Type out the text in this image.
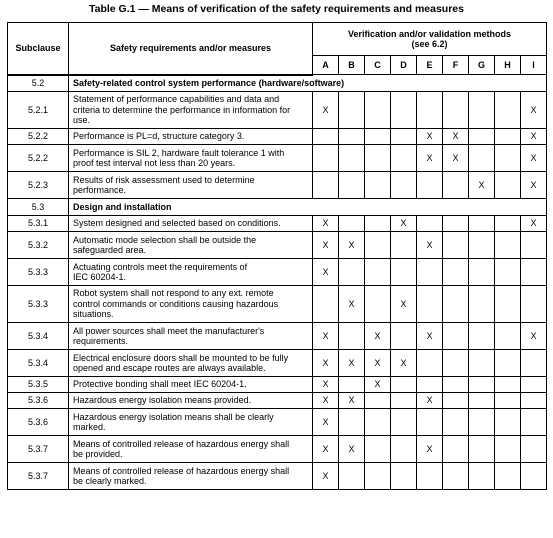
Table G.1 — Means of verification of the safety requirements and measures
Subclause	Safety requirements and/or measures	Verification and/or validation methods
(see 6.2)								

		A	B	C	D	E	F	G	H	I
5.2	Safety-related control system performance (hardware/software)									
5.2.1	Statement of performance capabilities and data and
criteria to determine the performance in information for
use.	X								X
5.2.2	Performance is PL=d, structure category 3.					X	X			X
5.2.2	Performance is SIL 2, hardware fault tolerance 1 with
proof test interval not less than 20 years.					X	X			X
5.2.3	Results of risk assessment used to determine
performance.							X		X
5.3	Design and installation									
5.3.1	System designed and selected based on conditions.	X			X					X
5.3.2	Automatic mode selection shall be outside the
safeguarded area.	X	X			X				
5.3.3	Actuating controls meet the requirements of
IEC 60204-1.	X								
5.3.3	Robot system shall not respond to any ext. remote
control commands or conditions causing hazardous
situations.		X		X					
5.3.4	All power sources shall meet the manufacturer's
requirements.	X		X		X				X
5.3.4	Electrical enclosure doors shall be mounted to be fully
opened and escape routes are always available.	X	X	X	X					
5.3.5	Protective bonding shall meet IEC 60204-1.	X		X						
5.3.6	Hazardous energy isolation means provided.	X	X			X				
5.3.6	Hazardous energy isolation means shall be clearly
marked.	X								
5.3.7	Means of controlled release of hazardous energy shall
be provided.	X	X			X				
5.3.7	Means of controlled release of hazardous energy shall
be clearly marked.	X								
